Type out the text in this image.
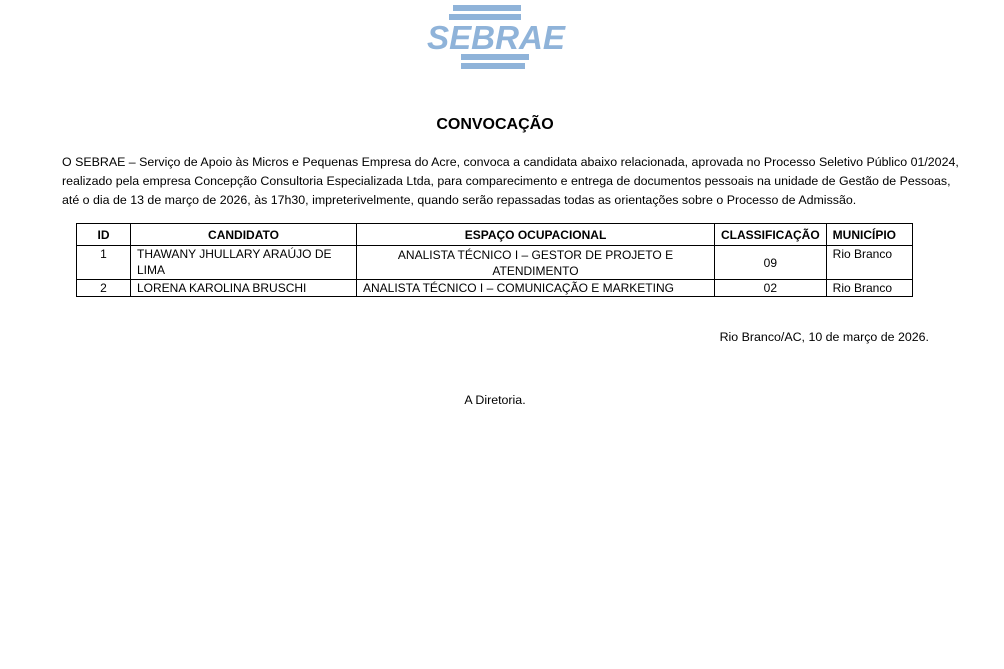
SEBRAE
CONVOCAÇÃO
O SEBRAE – Serviço de Apoio às Micros e Pequenas Empresa do Acre, convoca a candidata abaixo relacionada, aprovada no Processo Seletivo Público 01/2024,
realizado pela empresa Concepção Consultoria Especializada Ltda, para comparecimento e entrega de documentos pessoais na unidade de Gestão de Pessoas,
até o dia de 13 de março de 2026, às 17h30, impreterivelmente, quando serão repassadas todas as orientações sobre o Processo de Admissão.
ID	CANDIDATO	ESPAÇO OCUPACIONAL	CLASSIFICAÇÃO	MUNICÍPIO
1	THAWANY JHULLARY ARAÚJO DE LIMA	ANALISTA TÉCNICO I – GESTOR DE PROJETO E ATENDIMENTO	09	Rio Branco
2	LORENA KAROLINA BRUSCHI	ANALISTA TÉCNICO I – COMUNICAÇÃO E MARKETING	02	Rio Branco
Rio Branco/AC, 10 de março de 2026.
A Diretoria.
